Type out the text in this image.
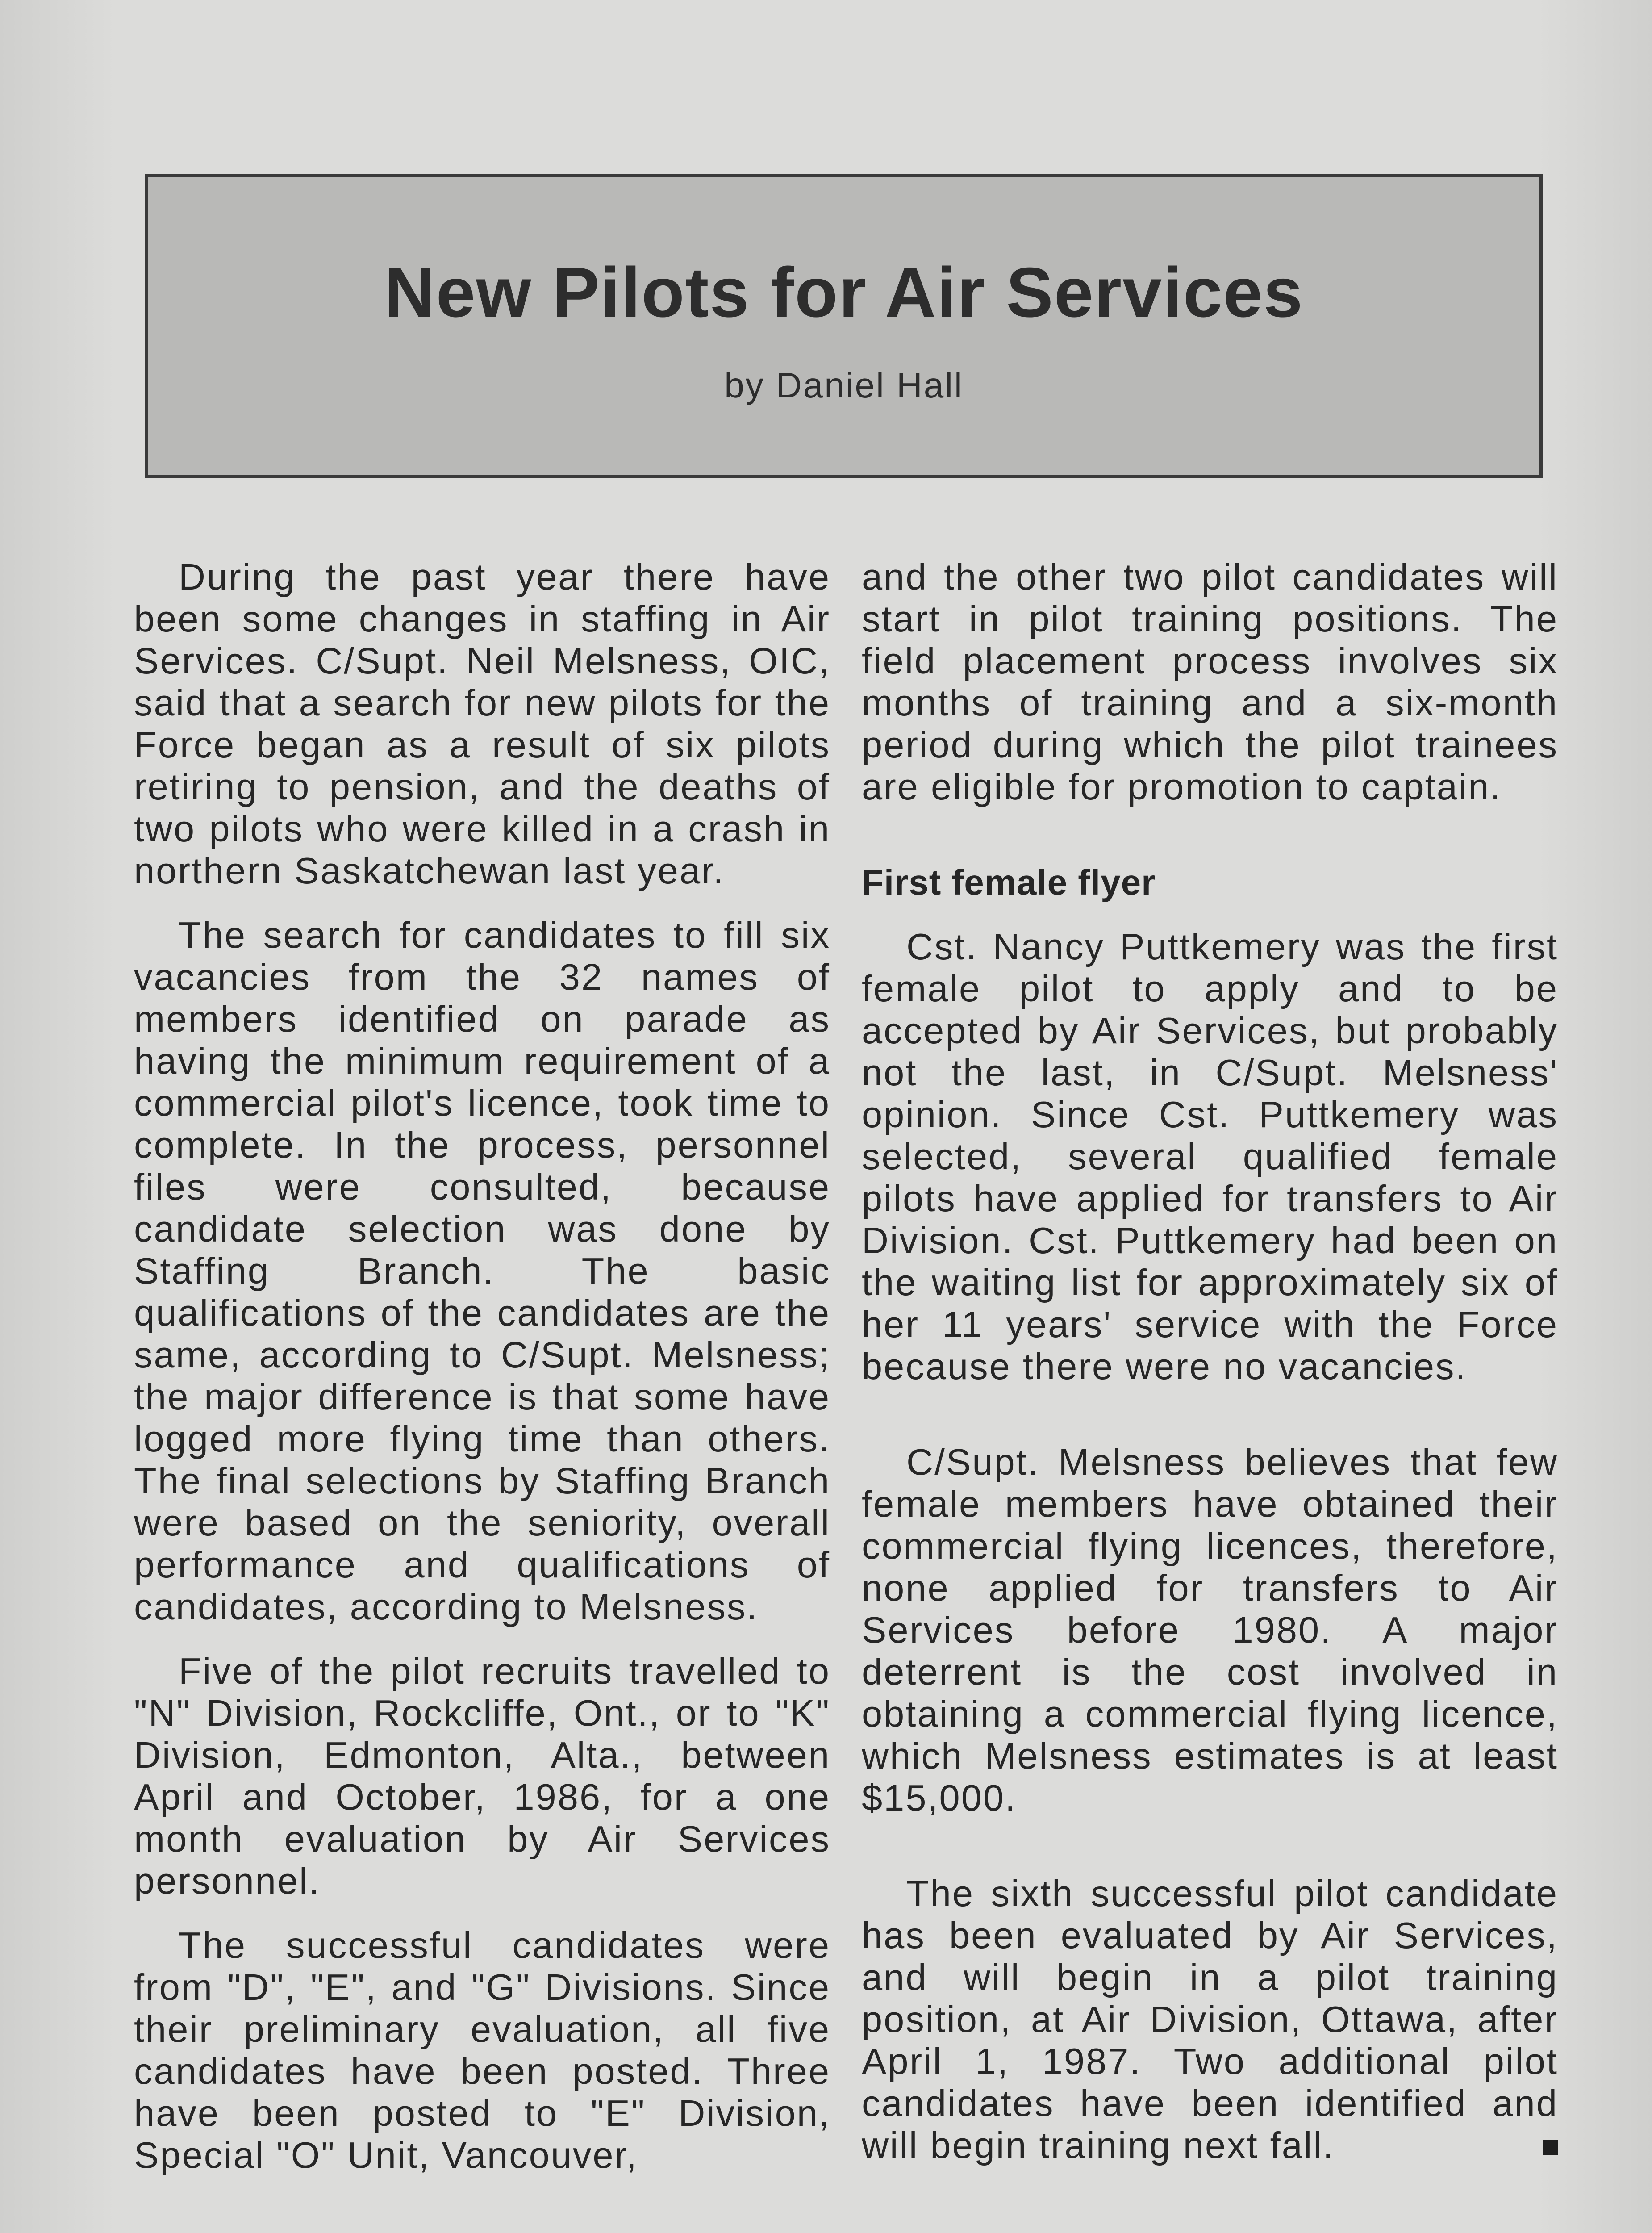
New Pilots for Air Services
by Daniel Hall

During the past year there have been some changes in staffing in Air Services. C/Supt. Neil Melsness, OIC, said that a search for new pilots for the Force began as a result of six pilots retiring to pension, and the deaths of two pilots who were killed in a crash in northern Saskatchewan last year.

The search for candidates to fill six vacancies from the 32 names of members identified on parade as having the minimum requirement of a commercial pilot's licence, took time to complete. In the process, personnel files were consulted, because candidate selection was done by Staffing Branch. The basic qualifications of the candidates are the same, according to C/Supt. Melsness; the major difference is that some have logged more flying time than others. The final selections by Staffing Branch were based on the seniority, overall performance and qualifications of candidates, according to Melsness.

Five of the pilot recruits travelled to "N" Division, Rockcliffe, Ont., or to "K" Division, Edmonton, Alta., between April and October, 1986, for a one month evaluation by Air Services personnel.

The successful candidates were from "D", "E", and "G" Divisions. Since their preliminary evaluation, all five candidates have been posted. Three have been posted to "E" Division, Special "O" Unit, Vancouver,

and the other two pilot candidates will start in pilot training positions. The field placement process involves six months of training and a six-month period during which the pilot trainees are eligible for promotion to captain.

First female flyer

Cst. Nancy Puttkemery was the first female pilot to apply and to be accepted by Air Services, but probably not the last, in C/Supt. Melsness' opinion. Since Cst. Puttkemery was selected, several qualified female pilots have applied for transfers to Air Division. Cst. Puttkemery had been on the waiting list for approximately six of her 11 years' service with the Force because there were no vacancies.

C/Supt. Melsness believes that few female members have obtained their commercial flying licences, therefore, none applied for transfers to Air Services before 1980. A major deterrent is the cost involved in obtaining a commercial flying licence, which Melsness estimates is at least $15,000.

The sixth successful pilot candidate has been evaluated by Air Services, and will begin in a pilot training position, at Air Division, Ottawa, after April 1, 1987. Two additional pilot candidates have been identified and will begin training next fall.
